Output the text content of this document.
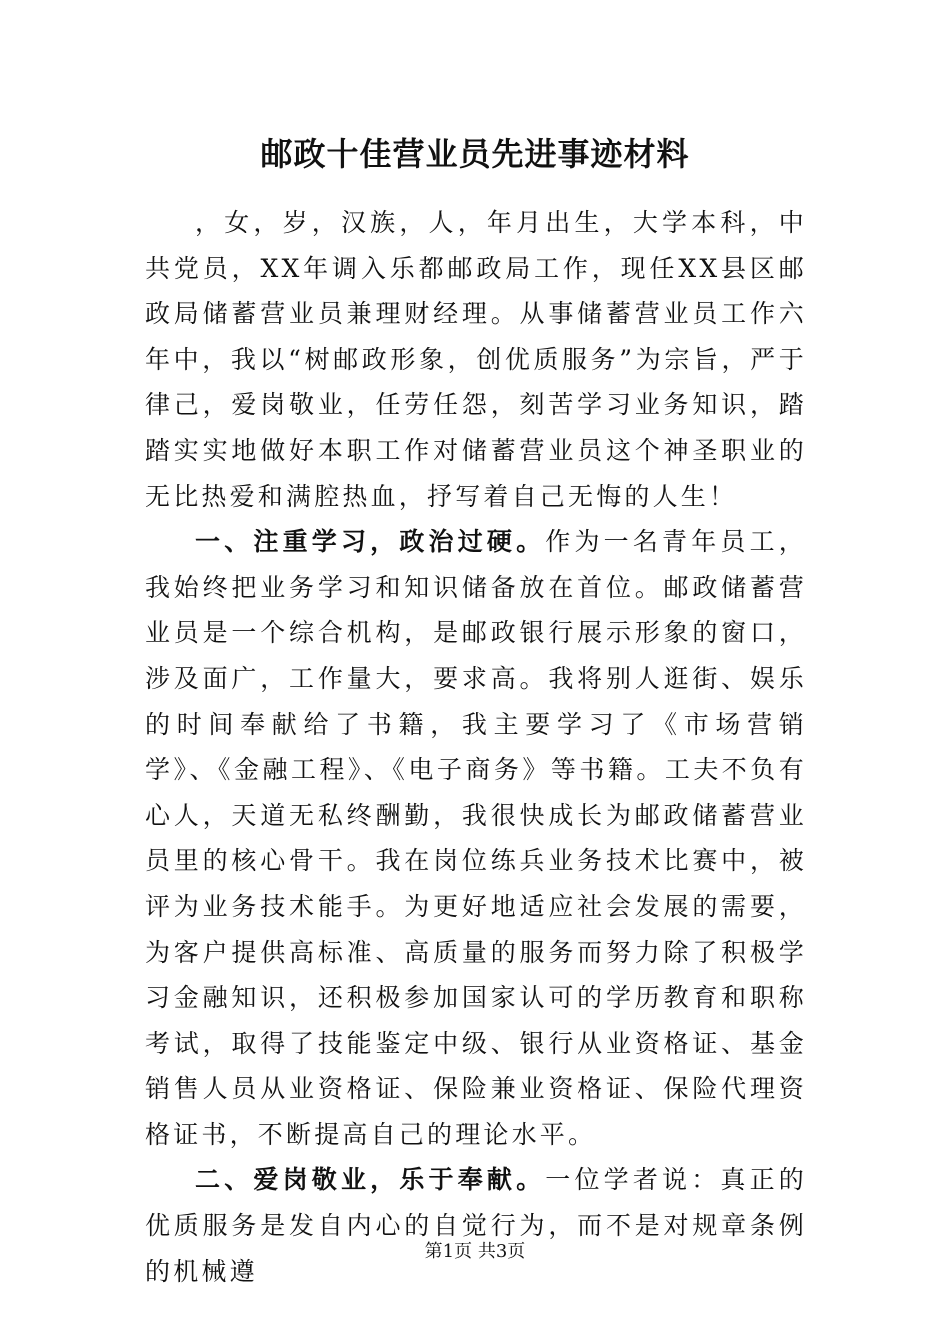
邮政十佳营业员先进事迹材料

，女，岁，汉族，人，年月出生，大学本科，中共党员，XX年调入乐都邮政局工作，现任XX县区邮政局储蓄营业员兼理财经理。从事储蓄营业员工作六年中，我以“树邮政形象，创优质服务”为宗旨，严于律己，爱岗敬业，任劳任怨，刻苦学习业务知识，踏踏实实地做好本职工作对储蓄营业员这个神圣职业的无比热爱和满腔热血，抒写着自己无悔的人生！

一、注重学习，政治过硬。作为一名青年员工，我始终把业务学习和知识储备放在首位。邮政储蓄营业员是一个综合机构，是邮政银行展示形象的窗口，涉及面广，工作量大，要求高。我将别人逛街、娱乐的时间奉献给了书籍，我主要学习了《市场营销学》、《金融工程》、《电子商务》等书籍。工夫不负有心人，天道无私终酬勤，我很快成长为邮政储蓄营业员里的核心骨干。我在岗位练兵业务技术比赛中，被评为业务技术能手。为更好地适应社会发展的需要，为客户提供高标准、高质量的服务而努力除了积极学习金融知识，还积极参加国家认可的学历教育和职称考试，取得了技能鉴定中级、银行从业资格证、基金销售人员从业资格证、保险兼业资格证、保险代理资格证书，不断提高自己的理论水平。

二、爱岗敬业，乐于奉献。一位学者说：真正的优质服务是发自内心的自觉行为，而不是对规章条例的机械遵

第1页 共3页
